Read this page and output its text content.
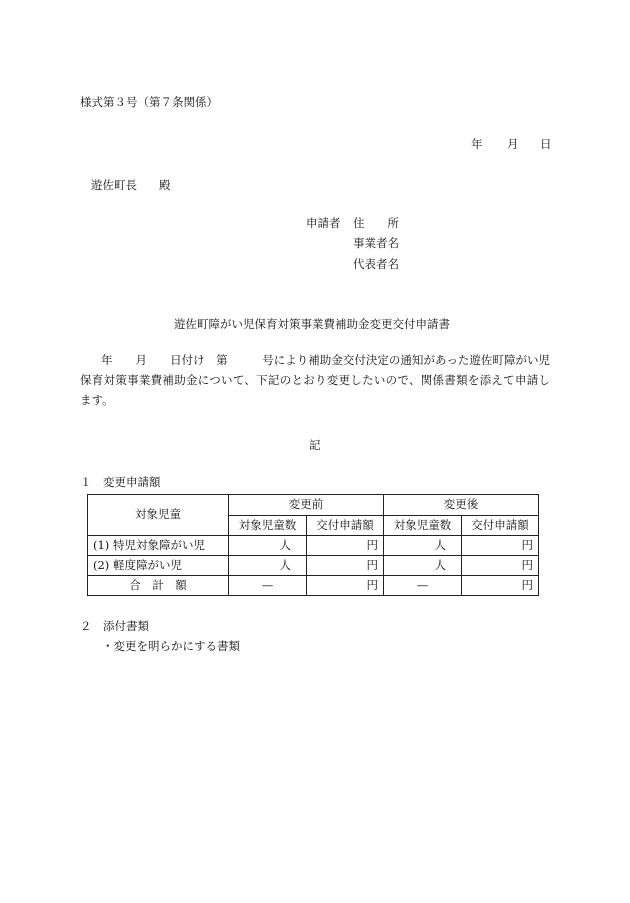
様式第３号（第７条関係）
年 月 日
遊佐町長 殿
申請者 住　　所
事業者名
代表者名
遊佐町障がい児保育対策事業費補助金変更交付申請書
年　　月　　日付け　第　　　号により補助金交付決定の通知があった遊佐町障がい児保育対策事業費補助金について、下記のとおり変更したいので、関係書類を添えて申請します。
記
１　変更申請額
対象児童	変更前		変更後	
	対象児童数	交付申請額	対象児童数	交付申請額
(1) 特児対象障がい児	人	円	人	円
(2) 軽度障がい児	人	円	人	円
合　計　額	—	円	—	円
２　添付書類
・変更を明らかにする書類
